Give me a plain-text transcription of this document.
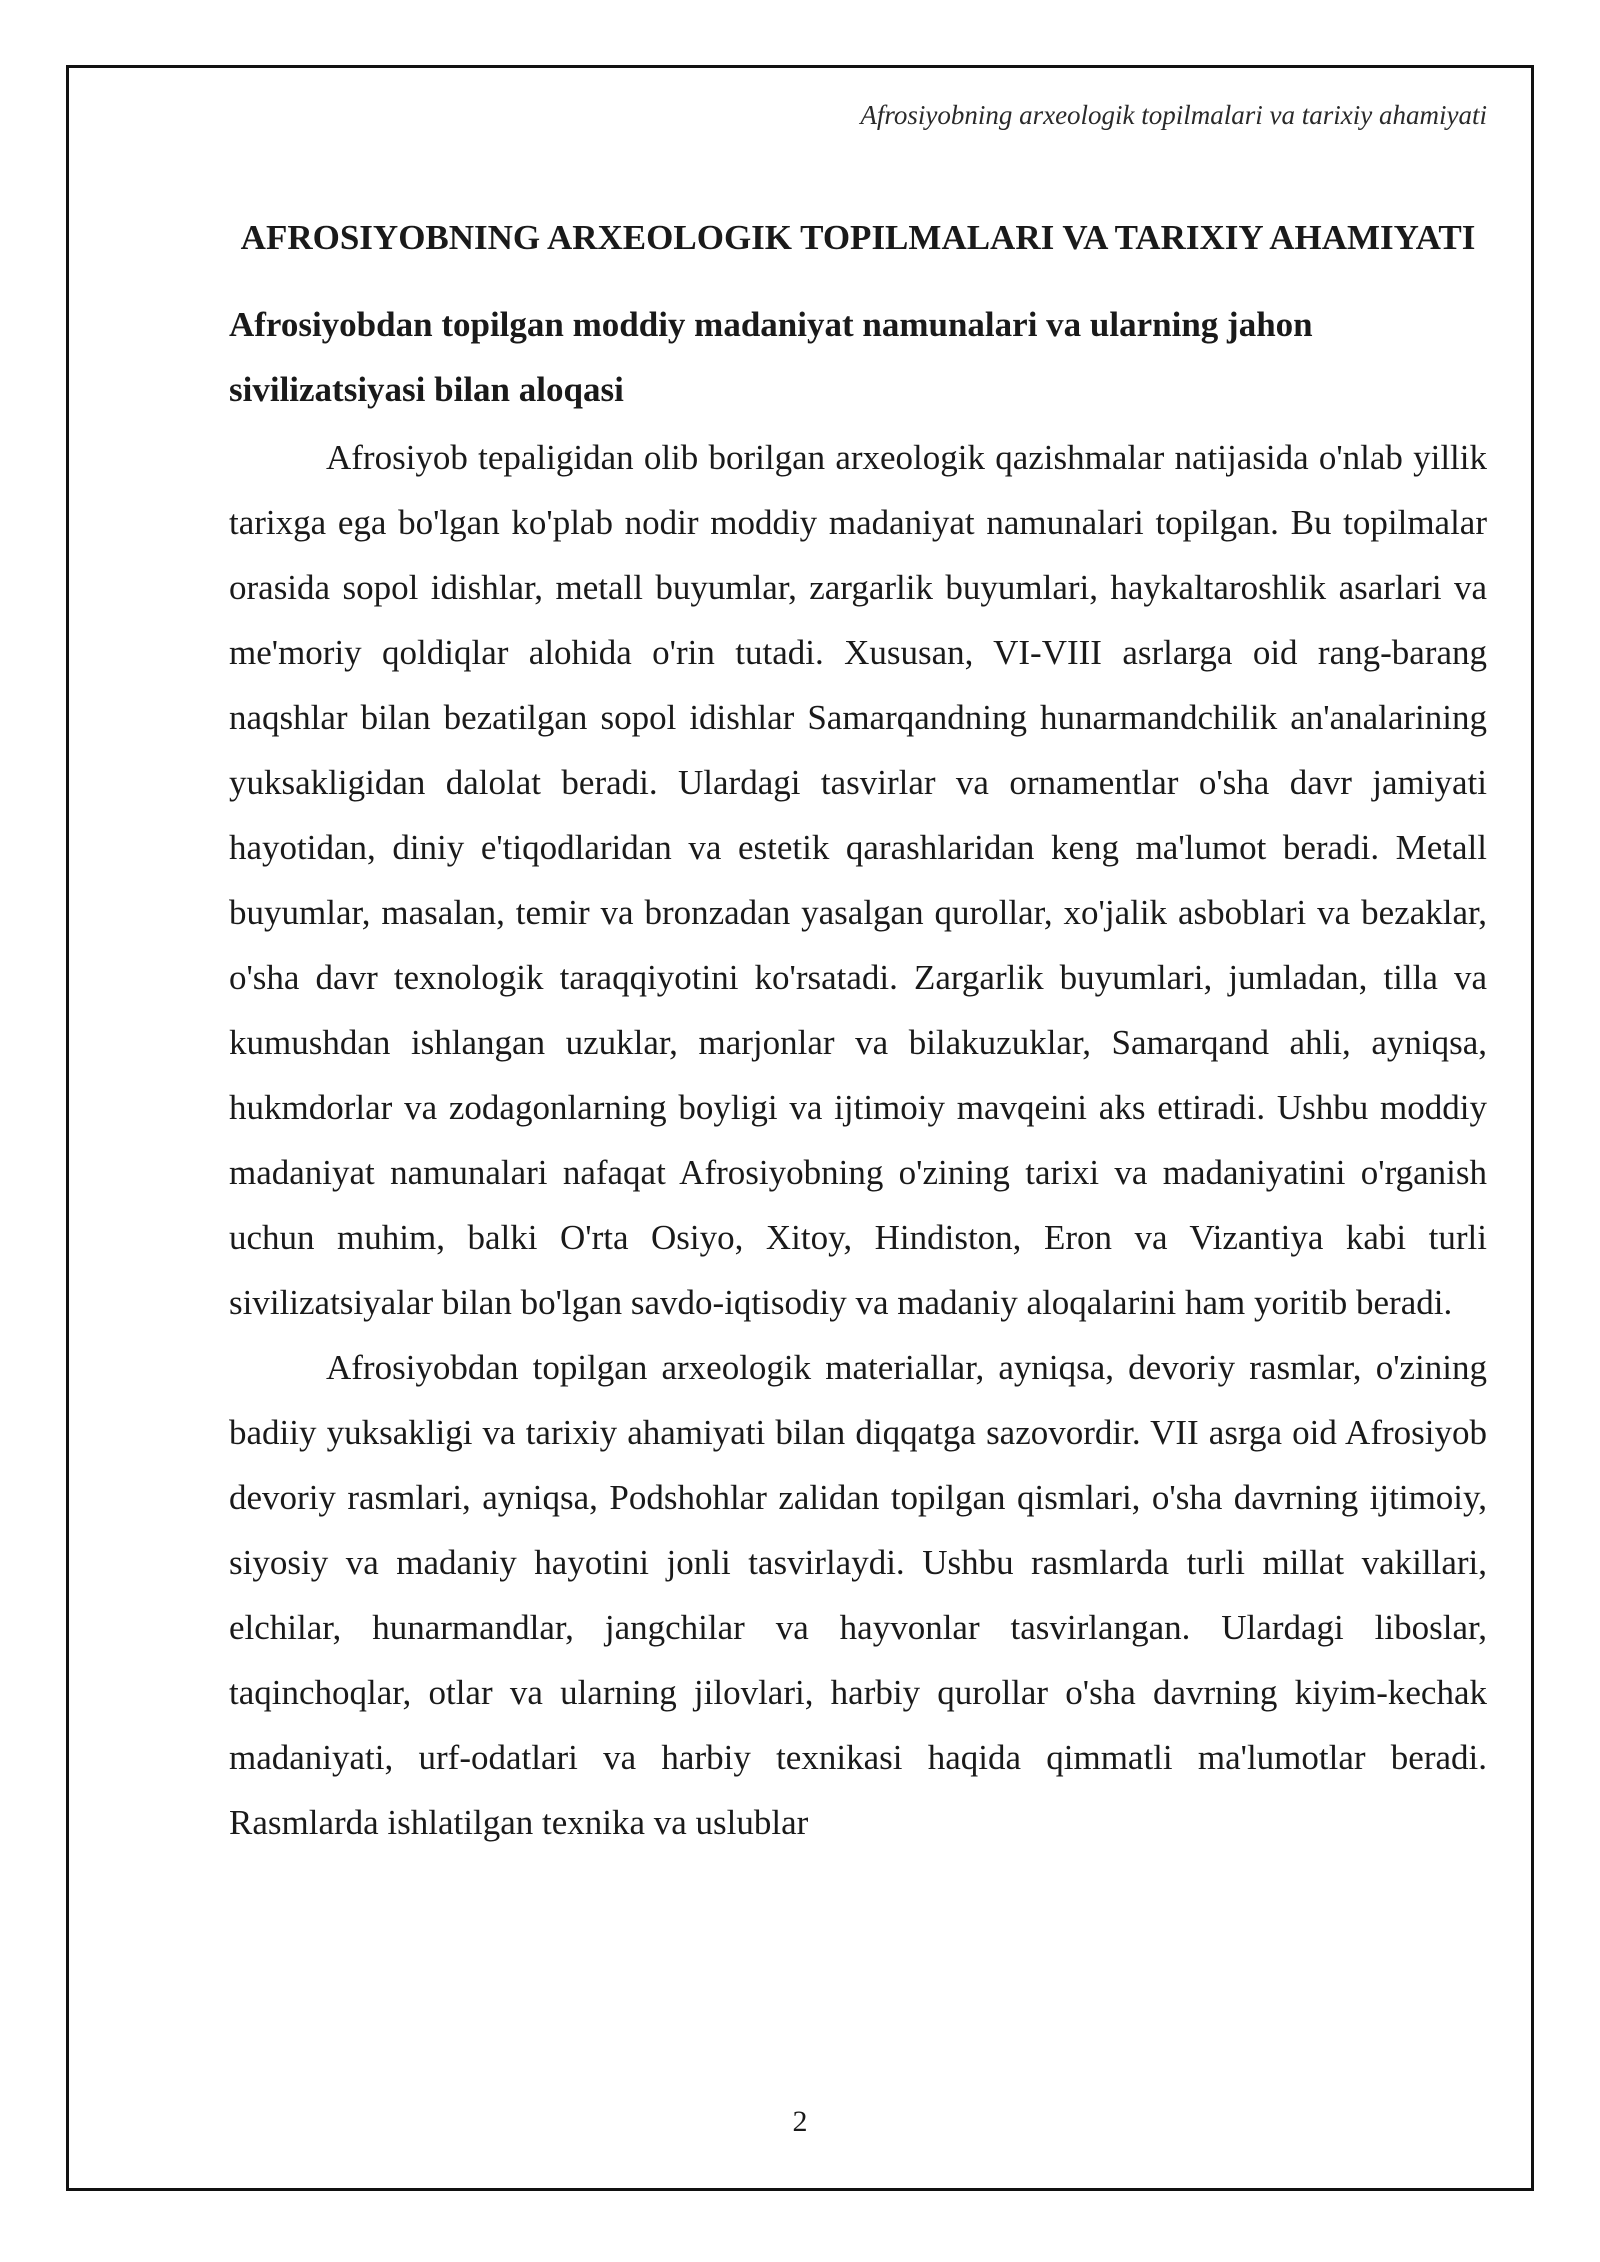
Afrosiyobning arxeologik topilmalari va tarixiy ahamiyati
AFROSIYOBNING ARXEOLOGIK TOPILMALARI VA TARIXIY AHAMIYATI
Afrosiyobdan topilgan moddiy madaniyat namunalari va ularning jahon sivilizatsiyasi bilan aloqasi

Afrosiyob tepaligidan olib borilgan arxeologik qazishmalar natijasida o'nlab yillik tarixga ega bo'lgan ko'plab nodir moddiy madaniyat namunalari topilgan. Bu topilmalar orasida sopol idishlar, metall buyumlar, zargarlik buyumlari, haykaltaroshlik asarlari va me'moriy qoldiqlar alohida o'rin tutadi. Xususan, VI-VIII asrlarga oid rang-barang naqshlar bilan bezatilgan sopol idishlar Samarqandning hunarmandchilik an'analarining yuksakligidan dalolat beradi. Ulardagi tasvirlar va ornamentlar o'sha davr jamiyati hayotidan, diniy e'tiqodlaridan va estetik qarashlaridan keng ma'lumot beradi. Metall buyumlar, masalan, temir va bronzadan yasalgan qurollar, xo'jalik asboblari va bezaklar, o'sha davr texnologik taraqqiyotini ko'rsatadi. Zargarlik buyumlari, jumladan, tilla va kumushdan ishlangan uzuklar, marjonlar va bilakuzuklar, Samarqand ahli, ayniqsa, hukmdorlar va zodagonlarning boyligi va ijtimoiy mavqeini aks ettiradi. Ushbu moddiy madaniyat namunalari nafaqat Afrosiyobning o'zining tarixi va madaniyatini o'rganish uchun muhim, balki O'rta Osiyo, Xitoy, Hindiston, Eron va Vizantiya kabi turli sivilizatsiyalar bilan bo'lgan savdo-iqtisodiy va madaniy aloqalarini ham yoritib beradi.

Afrosiyobdan topilgan arxeologik materiallar, ayniqsa, devoriy rasmlar, o'zining badiiy yuksakligi va tarixiy ahamiyati bilan diqqatga sazovordir. VII asrga oid Afrosiyob devoriy rasmlari, ayniqsa, Podshohlar zalidan topilgan qismlari, o'sha davrning ijtimoiy, siyosiy va madaniy hayotini jonli tasvirlaydi. Ushbu rasmlarda turli millat vakillari, elchilar, hunarmandlar, jangchilar va hayvonlar tasvirlangan. Ulardagi liboslar, taqinchoqlar, otlar va ularning jilovlari, harbiy qurollar o'sha davrning kiyim-kechak madaniyati, urf-odatlari va harbiy texnikasi haqida qimmatli ma'lumotlar beradi. Rasmlarda ishlatilgan texnika va uslublar

2
